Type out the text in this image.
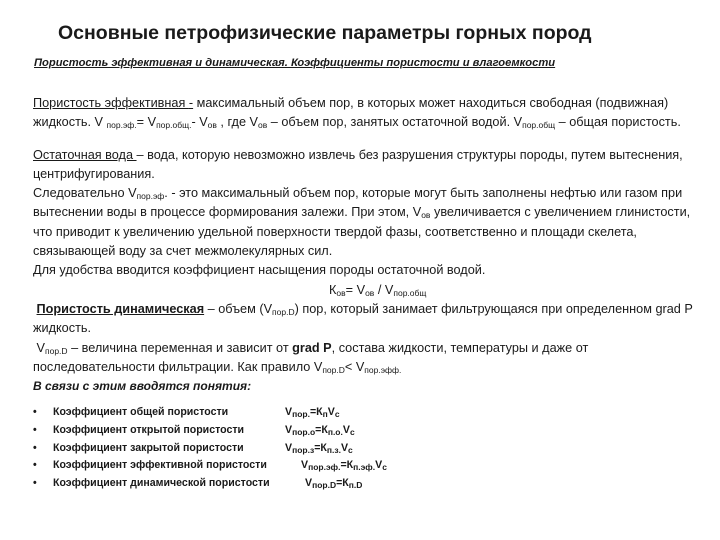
Основные петрофизические параметры горных пород
Пористость эффективная и динамическая. Коэффициенты пористости и влагоемкости

Пористость эффективная - максимальный объем пор, в которых может находиться свободная (подвижная) жидкость. V $_{пор.эф.}= V_{пор.общ.}-$ $V_{ов}$ , где $V_{ов}$ – объем пор, занятых остаточной водой. $V_{пор.общ}$ – общая пористость.

Остаточная вода – вода, которую невозможно извлечь без разрушения структуры породы, путем вытеснения, центрифугирования.

Следовательно $V_{пор.эф}$. - это максимальный объем пор, которые могут быть заполнены нефтью или газом при вытеснении воды в процессе формирования залежи. При этом, $V_{ов}$ увеличивается с увеличением глинистости, что приводит к увеличению удельной поверхности твердой фазы, соответственно и площади скелета, связывающей воду за счет межмолекулярных сил.

Для удобства вводится коэффициент насыщения породы остаточной водой.

$К_{ов}= V_{ов} / V_{пор.общ}$

Пористость динамическая – объем $(V_{пор.D})$ пор, который занимает фильтрующаяся при определенном grad P жидкость.

$V_{пор.D}$ – величина переменная и зависит от grad P, состава жидкости, температуры и даже от последовательности фильтрации. Как правило $V_{пор.D}< V_{пор.эфф.}$

В связи с этим вводятся понятия:

• Коэффициент общей пористости	$V_{пор.}=К_пV_с$
• Коэффициент открытой пористости	$V_{пор.о}=К_{п.о.}V_с$
• Коэффициент закрытой пористости	$V_{пор.з}=К_{п.з.}V_с$
• Коэффициент эффективной пористости	$V_{пор.эф.}=К_{п.эф.}V_с$
• Коэффициент динамической пористости	$V_{пор.D}=К_{п.D}$
